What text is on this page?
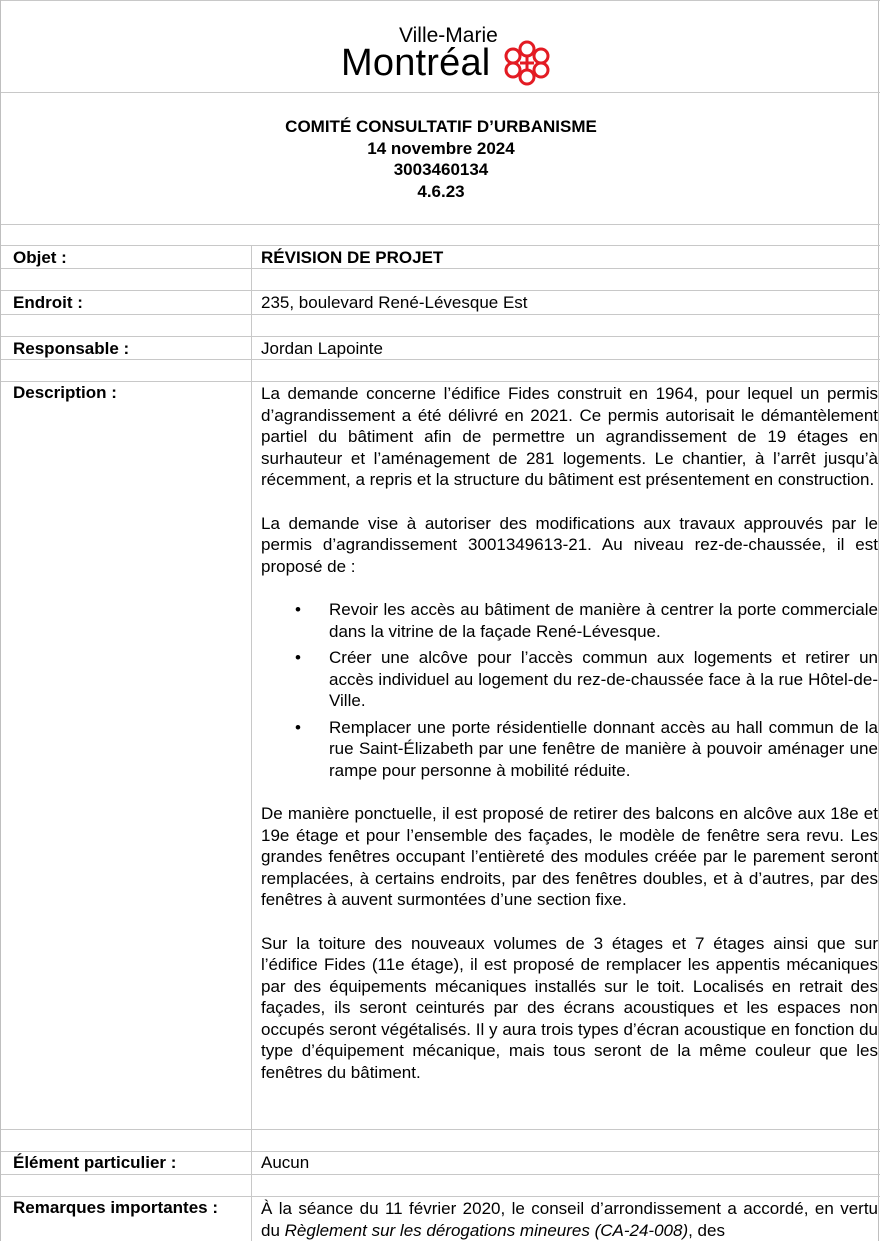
Ville-Marie
Montréal
COMITÉ CONSULTATIF D’URBANISME
14 novembre 2024
3003460134
4.6.23
Objet :	RÉVISION DE PROJET
Endroit :	235, boulevard René-Lévesque Est
Responsable :	Jordan Lapointe
Description :	La demande concerne l’édifice Fides construit en 1964, pour lequel un permis d’agrandissement a été délivré en 2021. Ce permis autorisait le démantèlement partiel du bâtiment afin de permettre un agrandissement de 19 étages en surhauteur et l’aménagement de 281 logements. Le chantier, à l’arrêt jusqu’à récemment, a repris et la structure du bâtiment est présentement en construction.

La demande vise à autoriser des modifications aux travaux approuvés par le permis d’agrandissement 3001349613-21. Au niveau rez-de-chaussée, il est proposé de :

• Revoir les accès au bâtiment de manière à centrer la porte commerciale dans la vitrine de la façade René-Lévesque.
• Créer une alcôve pour l’accès commun aux logements et retirer un accès individuel au logement du rez-de-chaussée face à la rue Hôtel-de-Ville.
• Remplacer une porte résidentielle donnant accès au hall commun de la rue Saint-Élizabeth par une fenêtre de manière à pouvoir aménager une rampe pour personne à mobilité réduite.

De manière ponctuelle, il est proposé de retirer des balcons en alcôve aux 18e et 19e étage et pour l’ensemble des façades, le modèle de fenêtre sera revu. Les grandes fenêtres occupant l’entièreté des modules créée par le parement seront remplacées, à certains endroits, par des fenêtres doubles, et à d’autres, par des fenêtres à auvent surmontées d’une section fixe.

Sur la toiture des nouveaux volumes de 3 étages et 7 étages ainsi que sur l’édifice Fides (11e étage), il est proposé de remplacer les appentis mécaniques par des équipements mécaniques installés sur le toit. Localisés en retrait des façades, ils seront ceinturés par des écrans acoustiques et les espaces non occupés seront végétalisés. Il y aura trois types d’écran acoustique en fonction du type d’équipement mécanique, mais tous seront de la même couleur que les fenêtres du bâtiment.

Élément particulier :	Aucun
Remarques importantes :	À la séance du 11 février 2020, le conseil d’arrondissement a accordé, en vertu du Règlement sur les dérogations mineures (CA-24-008), des
